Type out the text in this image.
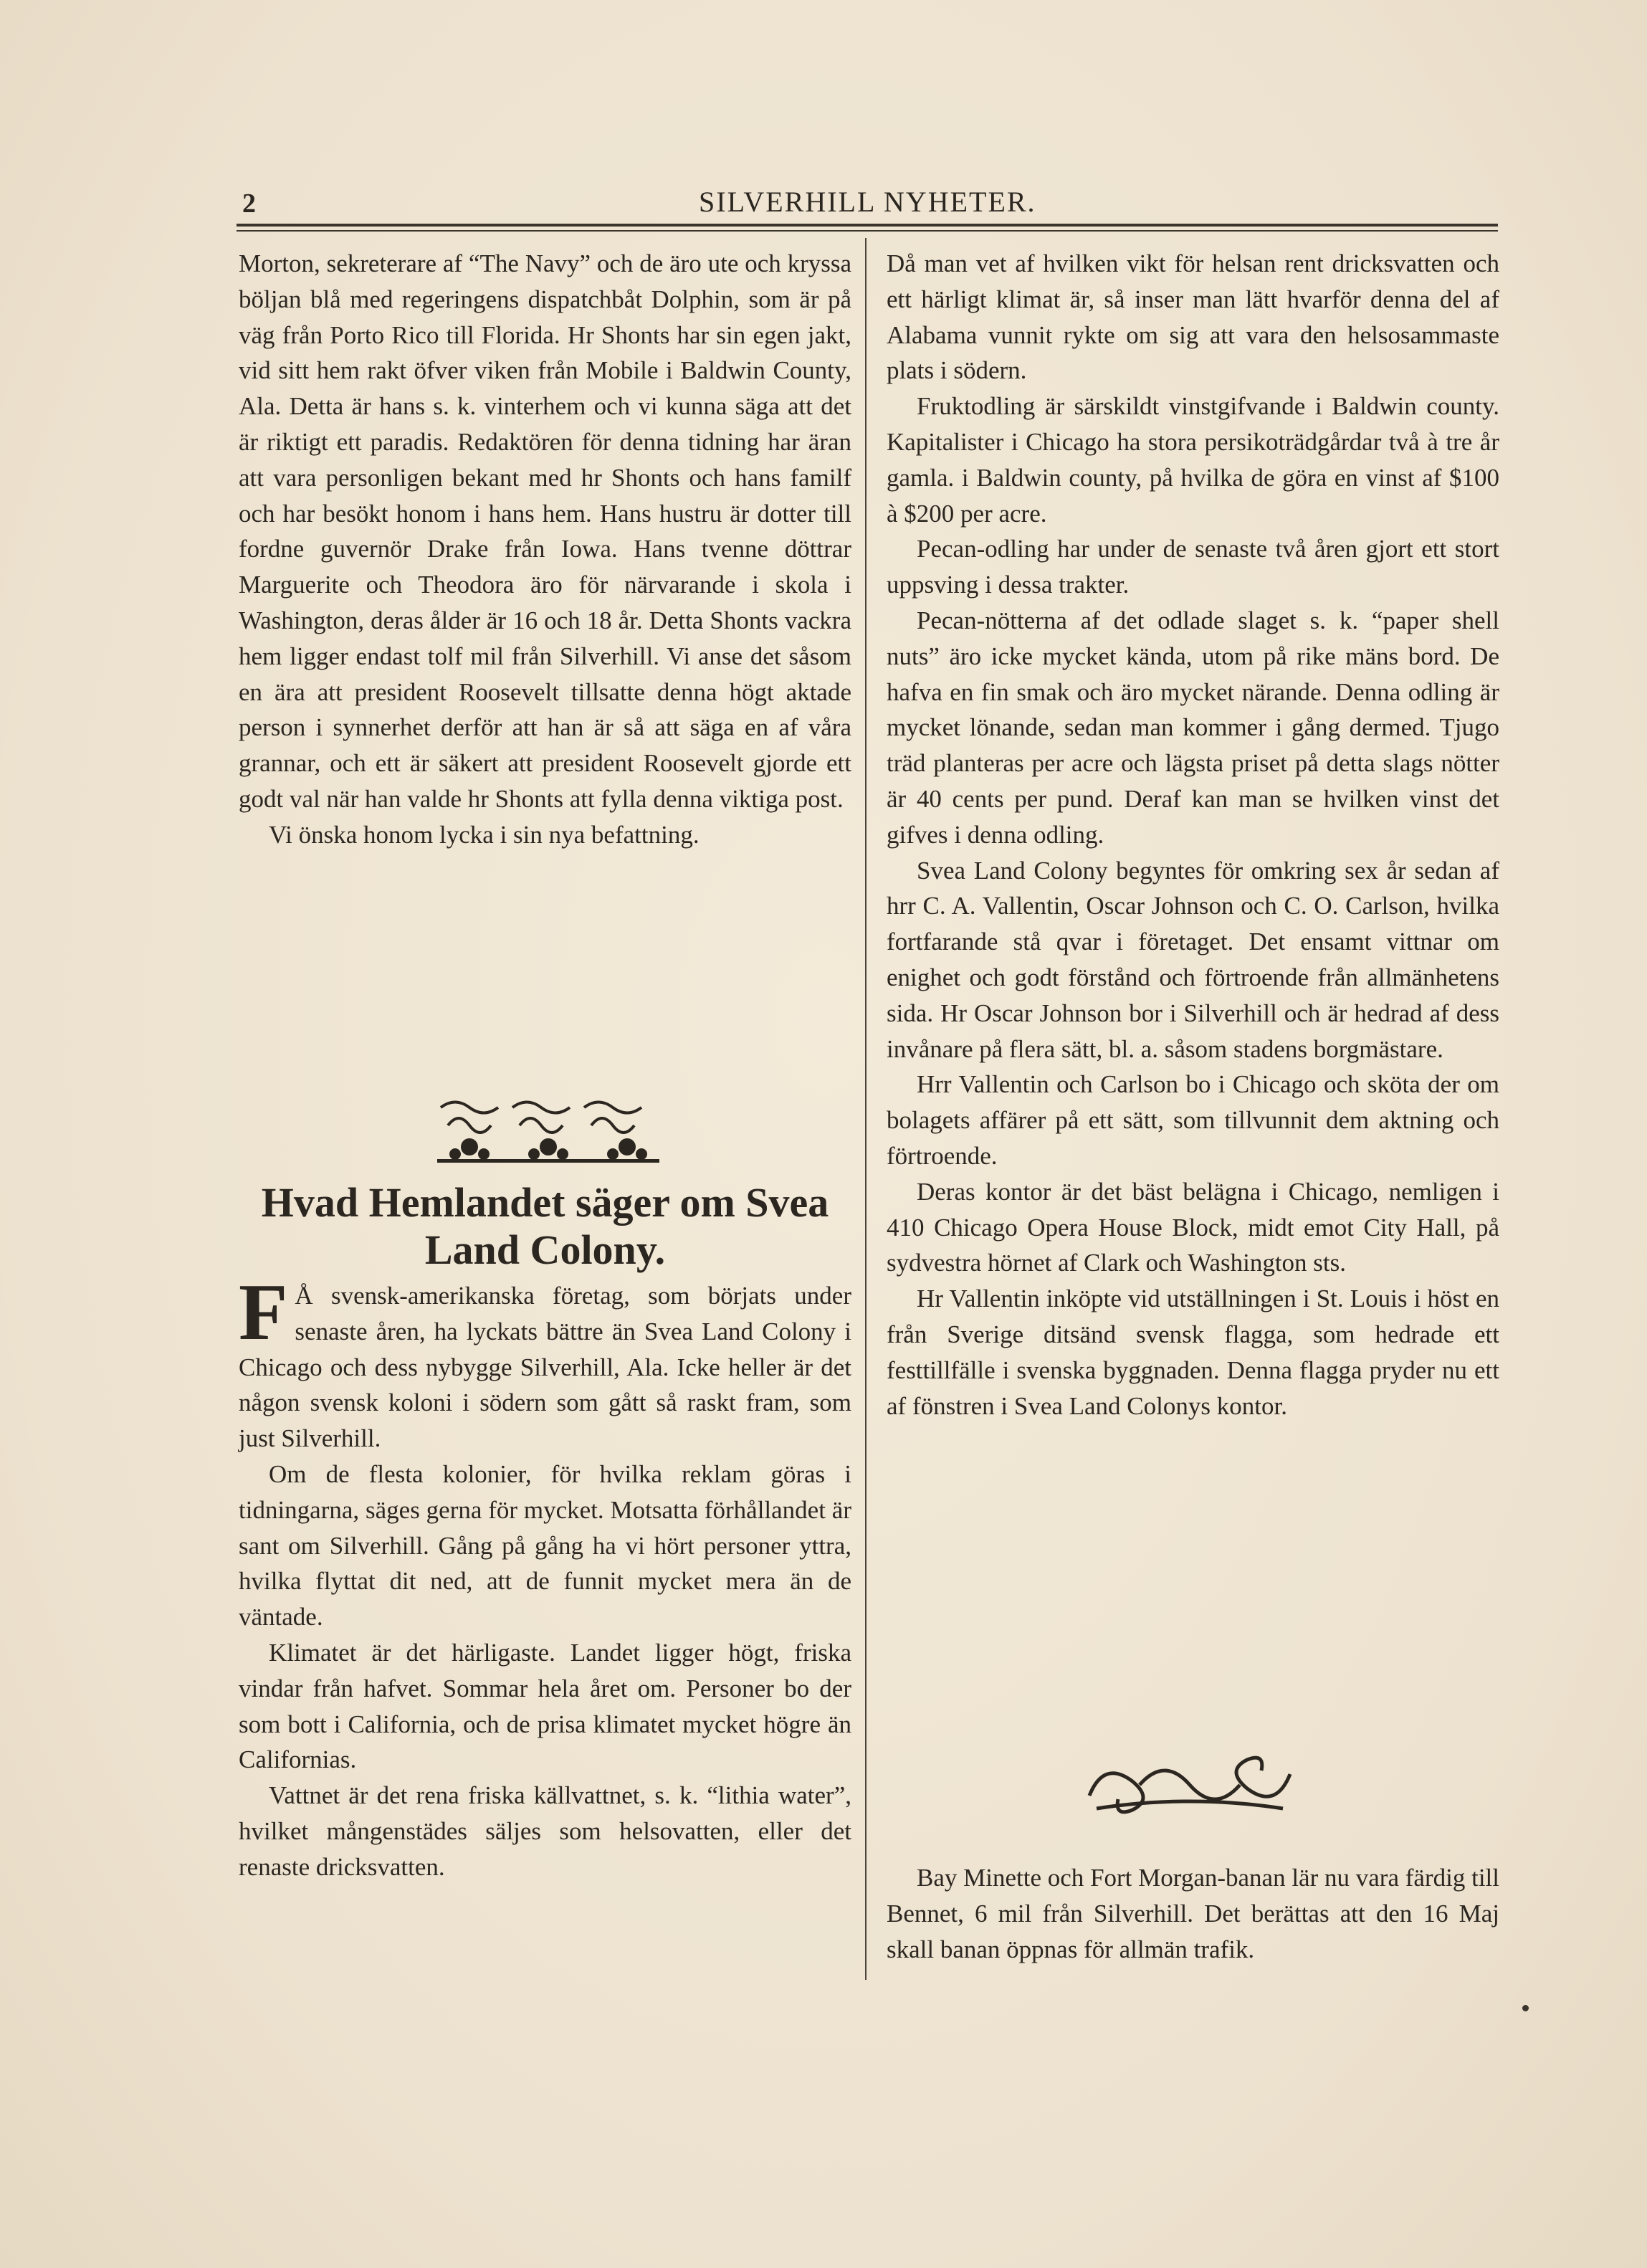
2	SILVERHILL NYHETER.

Morton, sekreterare af “The Navy” och de äro ute och kryssa böljan blå med regeringens dispatchbåt Dolphin, som är på väg från Porto Rico till Florida. Hr Shonts har sin egen jakt, vid sitt hem rakt öfver viken från Mobile i Baldwin County, Ala. Detta är hans s. k. vinterhem och vi kunna säga att det är riktigt ett paradis. Redaktören för denna tidning har äran att vara personligen bekant med hr Shonts och hans familf och har besökt honom i hans hem. Hans hustru är dotter till fordne guvernör Drake från Iowa. Hans tvenne döttrar Marguerite och Theodora äro för närvarande i skola i Washington, deras ålder är 16 och 18 år. Detta Shonts vackra hem ligger endast tolf mil från Silverhill. Vi anse det såsom en ära att president Roosevelt tillsatte denna högt aktade person i synnerhet derför att han är så att säga en af våra grannar, och ett är säkert att president Roosevelt gjorde ett godt val när han valde hr Shonts att fylla denna viktiga post.

Vi önska honom lycka i sin nya befattning.

Hvad Hemlandet säger om Svea Land Colony.

F Å svensk-amerikanska företag, som börjats under senaste åren, ha lyckats bättre än Svea Land Colony i Chicago och dess nybygge Silverhill, Ala. Icke heller är det någon svensk koloni i södern som gått så raskt fram, som just Silverhill.

Om de flesta kolonier, för hvilka reklam göras i tidningarna, säges gerna för mycket. Motsatta förhållandet är sant om Silverhill. Gång på gång ha vi hört personer yttra, hvilka flyttat dit ned, att de funnit mycket mera än de väntade.

Klimatet är det härligaste. Landet ligger högt, friska vindar från hafvet. Sommar hela året om. Personer bo der som bott i California, och de prisa klimatet mycket högre än Californias.

Vattnet är det rena friska källvattnet, s. k. “lithia water”, hvilket mångenstädes säljes som helsovatten, eller det renaste dricksvatten.

Då man vet af hvilken vikt för helsan rent dricksvatten och ett härligt klimat är, så inser man lätt hvarför denna del af Alabama vunnit rykte om sig att vara den helsosammaste plats i södern.

Fruktodling är särskildt vinstgifvande i Baldwin county. Kapitalister i Chicago ha stora persikoträdgårdar två à tre år gamla. i Baldwin county, på hvilka de göra en vinst af $100 à $200 per acre.

Pecan-odling har under de senaste två åren gjort ett stort uppsving i dessa trakter.

Pecan-nötterna af det odlade slaget s. k. “paper shell nuts” äro icke mycket kända, utom på rike mäns bord. De hafva en fin smak och äro mycket närande. Denna odling är mycket lönande, sedan man kommer i gång dermed. Tjugo träd planteras per acre och lägsta priset på detta slags nötter är 40 cents per pund. Deraf kan man se hvilken vinst det gifves i denna odling.

Svea Land Colony begyntes för omkring sex år sedan af hrr C. A. Vallentin, Oscar Johnson och C. O. Carlson, hvilka fortfarande stå qvar i företaget. Det ensamt vittnar om enighet och godt förstånd och förtroende från allmänhetens sida. Hr Oscar Johnson bor i Silverhill och är hedrad af dess invånare på flera sätt, bl. a. såsom stadens borgmästare.

Hrr Vallentin och Carlson bo i Chicago och sköta der om bolagets affärer på ett sätt, som tillvunnit dem aktning och förtroende.

Deras kontor är det bäst belägna i Chicago, nemligen i 410 Chicago Opera House Block, midt emot City Hall, på sydvestra hörnet af Clark och Washington sts.

Hr Vallentin inköpte vid utställningen i St. Louis i höst en från Sverige ditsänd svensk flagga, som hedrade ett festtillfälle i svenska byggnaden. Denna flagga pryder nu ett af fönstren i Svea Land Colonys kontor.

Bay Minette och Fort Morgan-banan lär nu vara färdig till Bennet, 6 mil från Silverhill. Det berättas att den 16 Maj skall banan öppnas för allmän trafik.
